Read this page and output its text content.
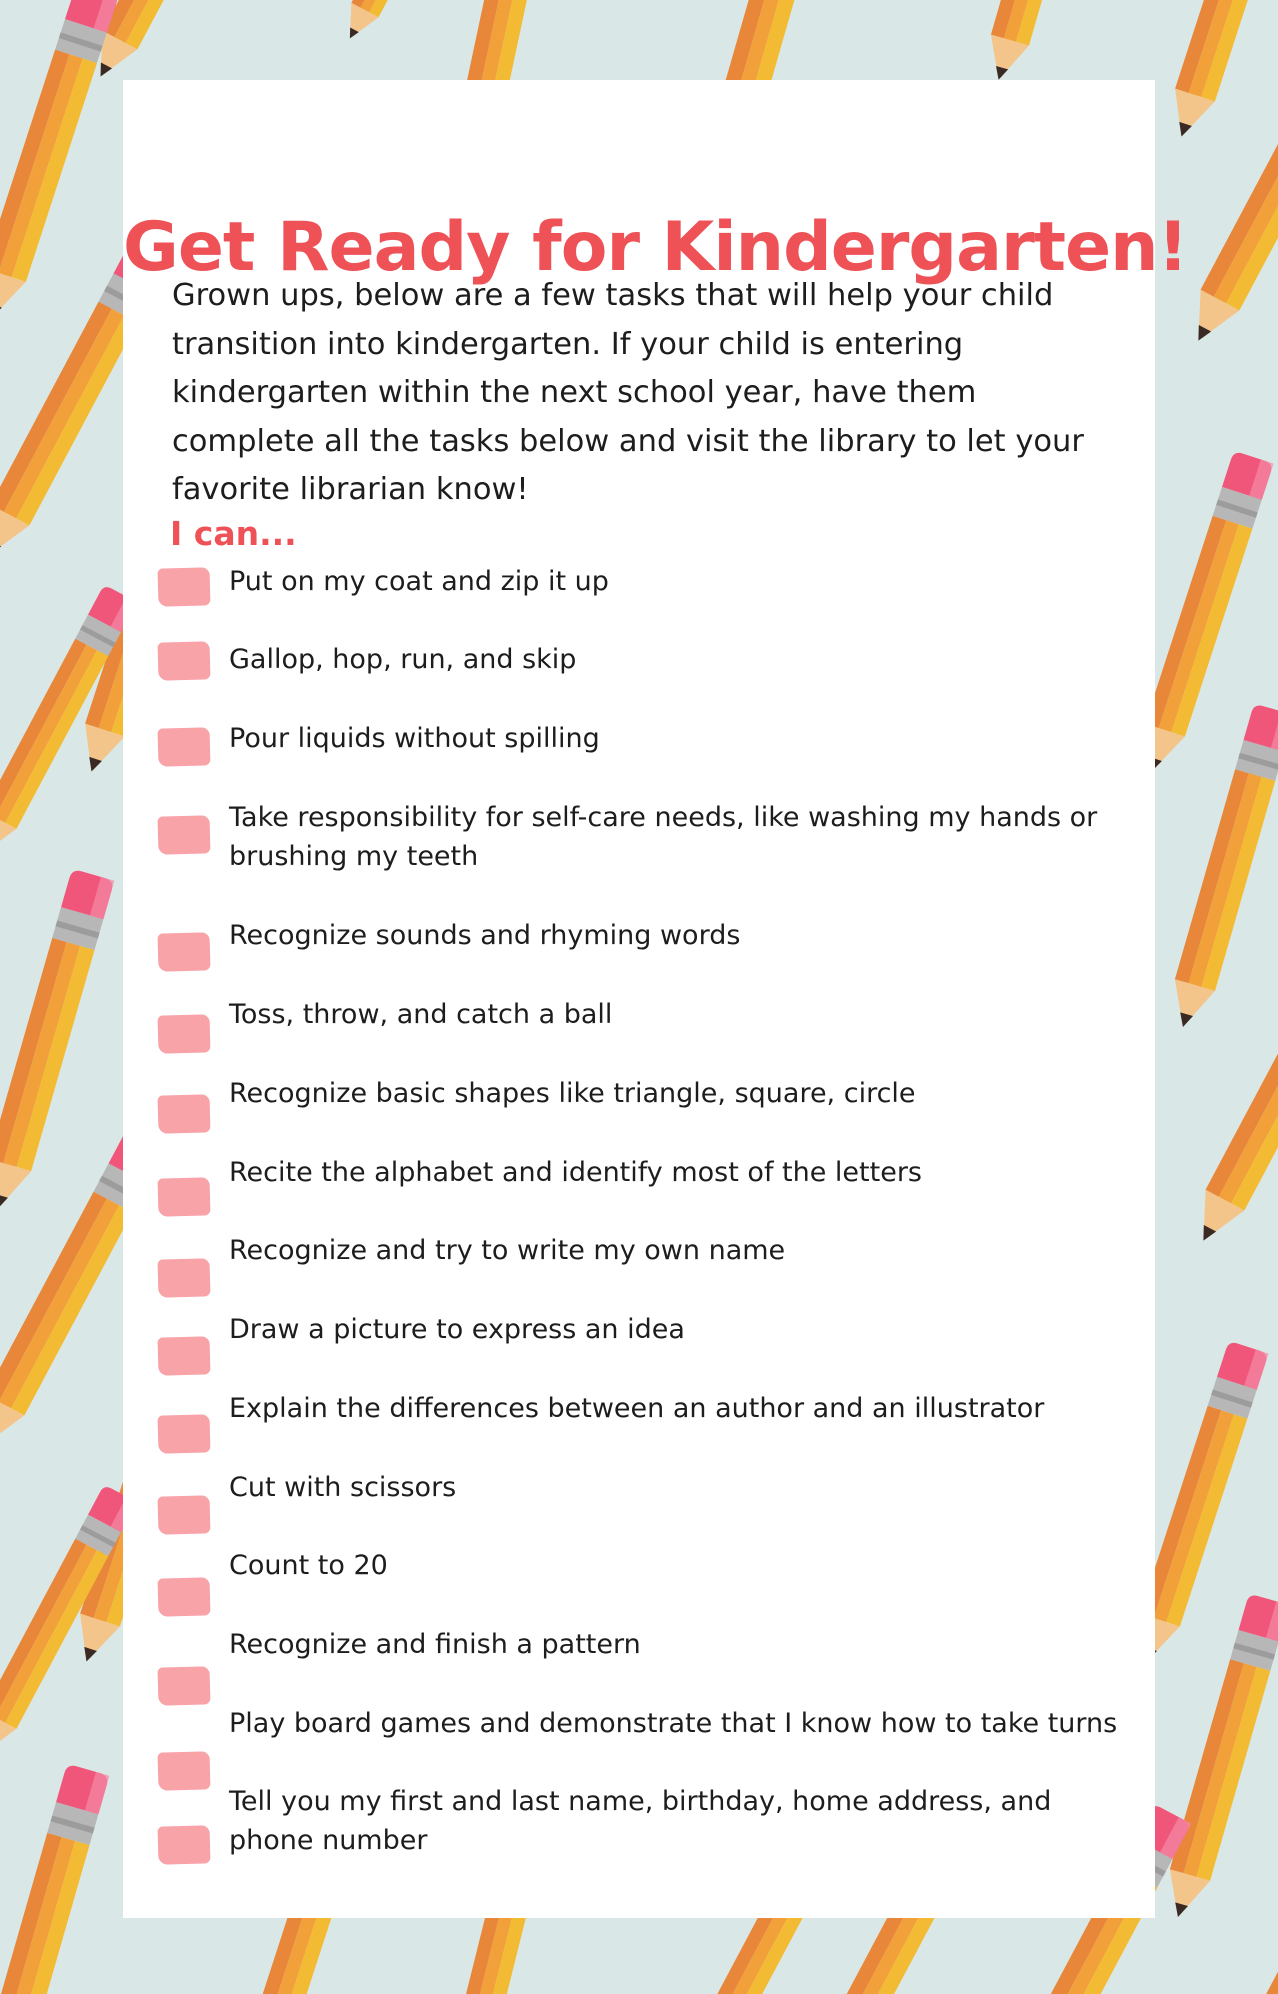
Get Ready for Kindergarten!

Grown ups, below are a few tasks that will help your child transition into kindergarten. If your child is entering kindergarten within the next school year, have them complete all the tasks below and visit the library to let your favorite librarian know!

I can...
Put on my coat and zip it up
Gallop, hop, run, and skip
Pour liquids without spilling
Take responsibility for self-care needs, like washing my hands or brushing my teeth
Recognize sounds and rhyming words
Toss, throw, and catch a ball
Recognize basic shapes like triangle, square, circle
Recite the alphabet and identify most of the letters
Recognize and try to write my own name
Draw a picture to express an idea
Explain the differences between an author and an illustrator
Cut with scissors
Count to 20
Recognize and finish a pattern
Play board games and demonstrate that I know how to take turns
Tell you my first and last name, birthday, home address, and phone number
